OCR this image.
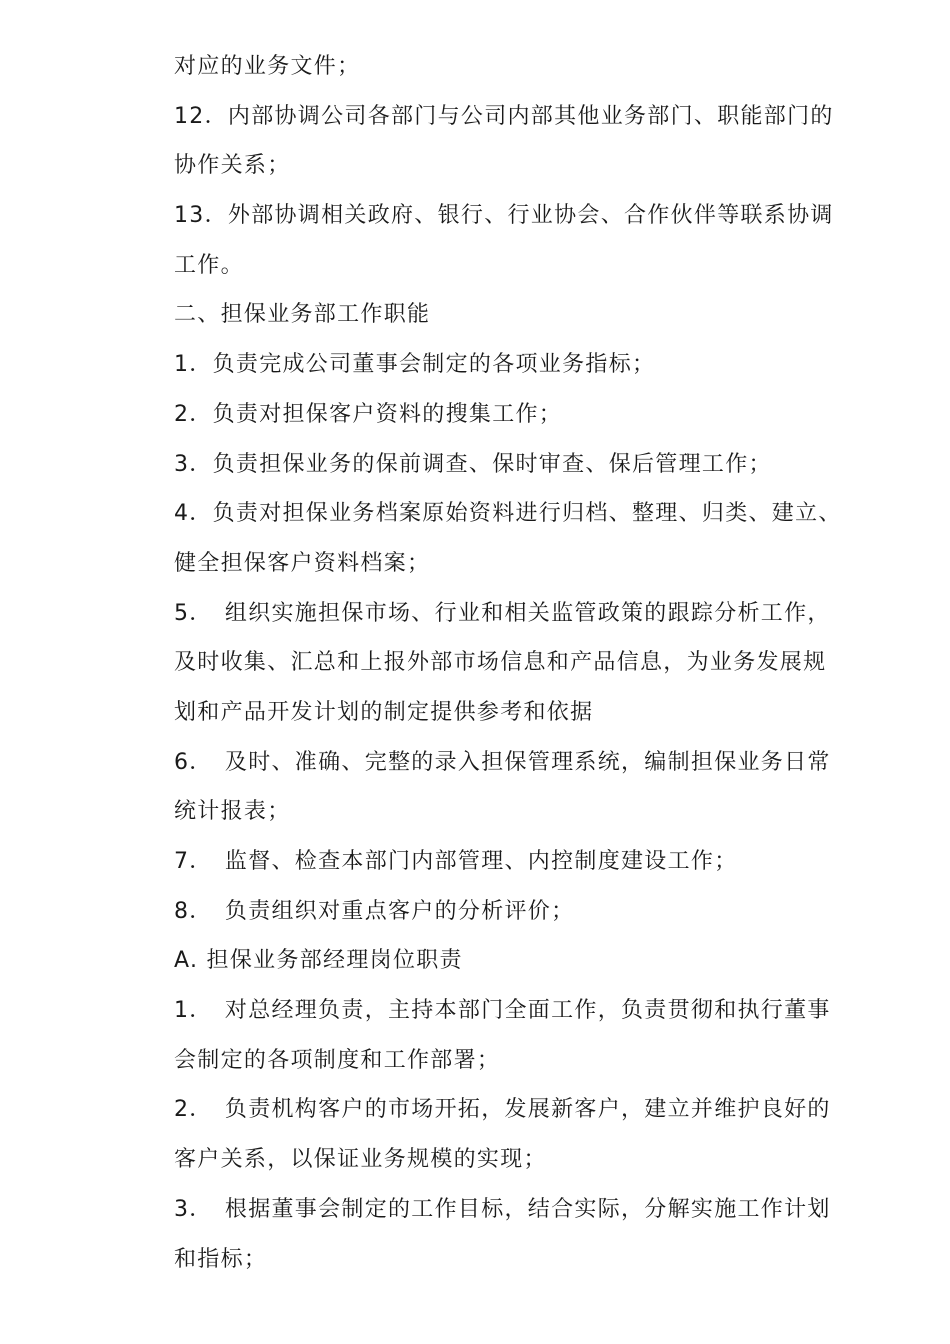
对应的业务文件；
12．内部协调公司各部门与公司内部其他业务部门、职能部门的
协作关系；
13．外部协调相关政府、银行、行业协会、合作伙伴等联系协调
工作。
二、担保业务部工作职能
1．负责完成公司董事会制定的各项业务指标；
2．负责对担保客户资料的搜集工作；
3．负责担保业务的保前调查、保时审查、保后管理工作；
4．负责对担保业务档案原始资料进行归档、整理、归类、建立、
健全担保客户资料档案；
5．　组织实施担保市场、行业和相关监管政策的跟踪分析工作，
及时收集、汇总和上报外部市场信息和产品信息，为业务发展规
划和产品开发计划的制定提供参考和依据
6．　及时、准确、完整的录入担保管理系统，编制担保业务日常
统计报表；
7．　监督、检查本部门内部管理、内控制度建设工作；
8．　负责组织对重点客户的分析评价；
A. 担保业务部经理岗位职责
1．　对总经理负责，主持本部门全面工作，负责贯彻和执行董事
会制定的各项制度和工作部署；
2．　负责机构客户的市场开拓，发展新客户，建立并维护良好的
客户关系，以保证业务规模的实现；
3．　根据董事会制定的工作目标，结合实际，分解实施工作计划
和指标；
